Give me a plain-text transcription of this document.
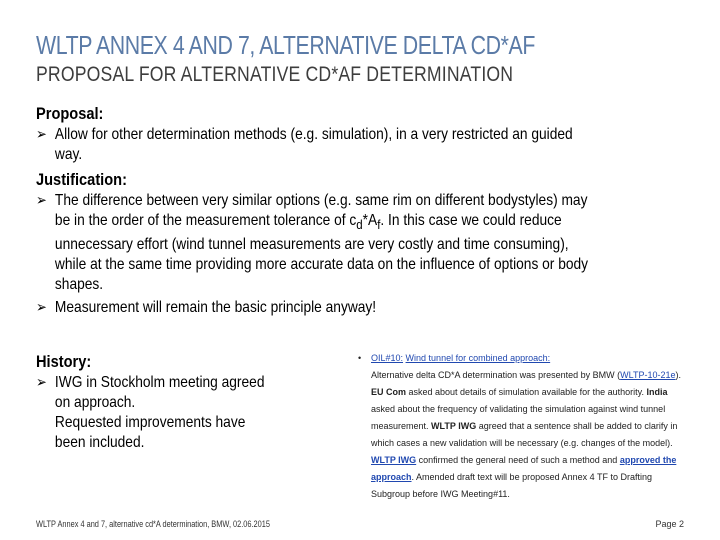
WLTP ANNEX 4 AND 7, ALTERNATIVE DELTA CD*AF
PROPOSAL FOR ALTERNATIVE CD*AF DETERMINATION
Proposal:
➢ Allow for other determination methods (e.g. simulation), in a very restricted an guided way.
Justification:
➢ The difference between very similar options (e.g. same rim on different bodystyles) may be in the order of the measurement tolerance of $c_d*A_f$. In this case we could reduce unnecessary effort (wind tunnel measurements are very costly and time consuming), while at the same time providing more accurate data on the influence of options or body shapes.
➢ Measurement will remain the basic principle anyway!
History:
➢ IWG in Stockholm meeting agreed
on approach.
Requested improvements have
been included.
• OIL#10: Wind tunnel for combined approach:
Alternative delta CD*A determination was presented by BMW (WLTP-10-21e).
EU Com asked about details of simulation available for the authority. India
asked about the frequency of validating the simulation against wind tunnel
measurement. WLTP IWG agreed that a sentence shall be added to clarify in
which cases a new validation will be necessary (e.g. changes of the model).
WLTP IWG confirmed the general need of such a method and approved the
approach. Amended draft text will be proposed Annex 4 TF to Drafting
Subgroup before IWG Meeting#11.
WLTP Annex 4 and 7, alternative cd*A determination, BMW, 02.06.2015	Page 2
